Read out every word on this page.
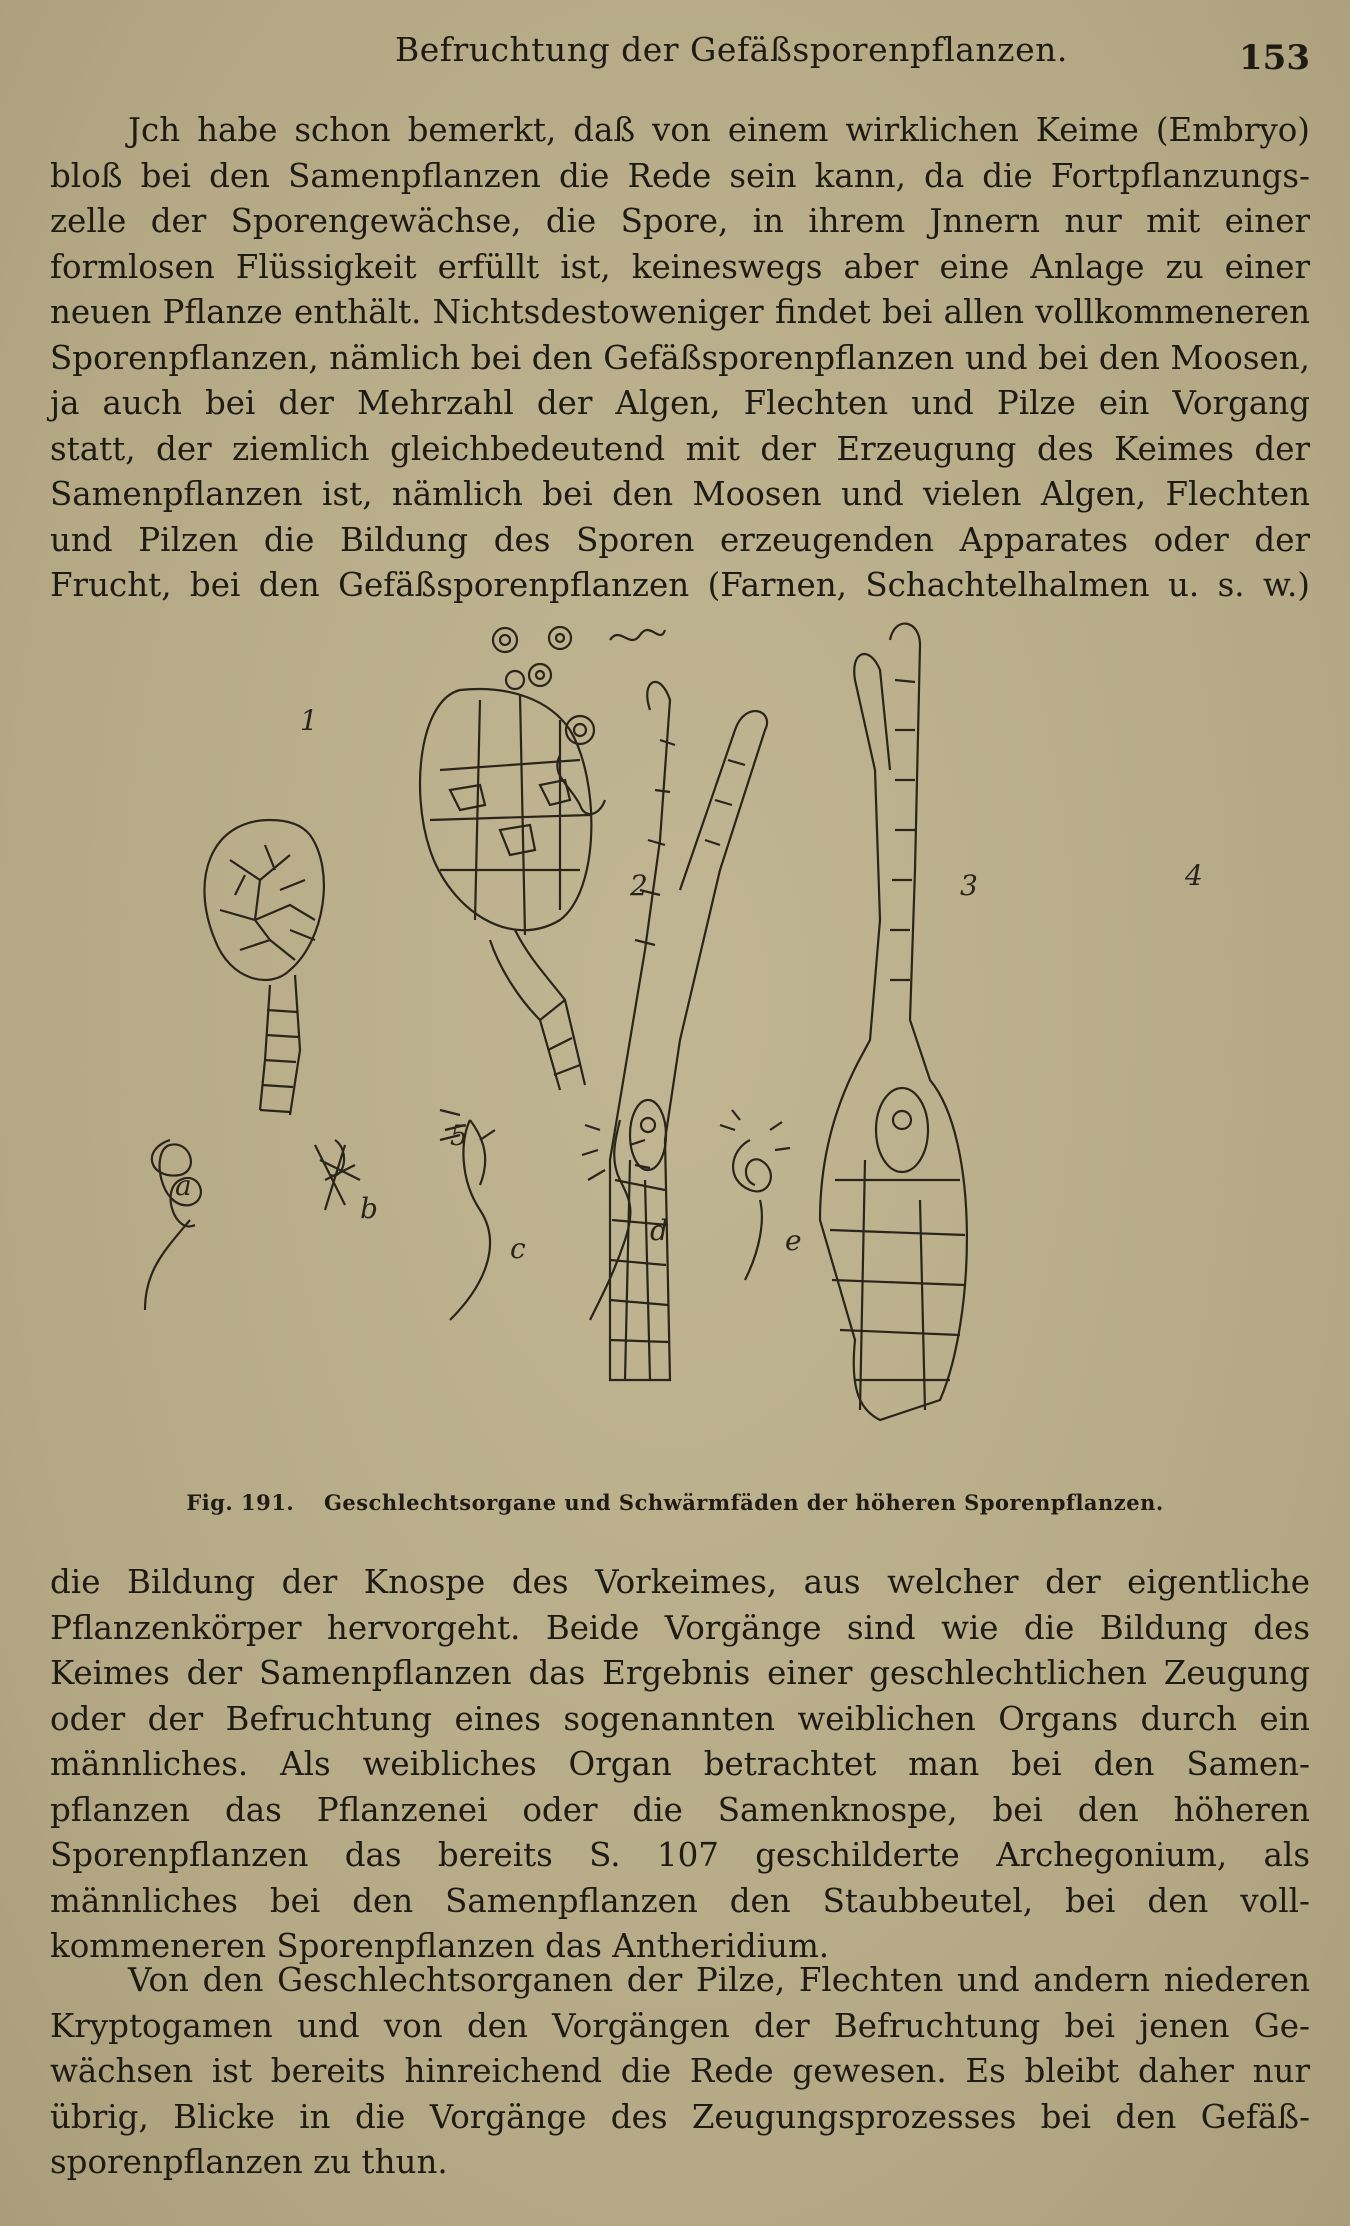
Befruchtung der Gefäßsporenpflanzen.	153
Jch habe schon bemerkt, daß von einem wirklichen Keime (Embryo)
bloß bei den Samenpflanzen die Rede sein kann, da die Fortpflanzungs-
zelle der Sporengewächse, die Spore, in ihrem Jnnern nur mit einer
formlosen Flüssigkeit erfüllt ist, keineswegs aber eine Anlage zu einer
neuen Pflanze enthält. Nichtsdestoweniger findet bei allen vollkommeneren
Sporenpflanzen, nämlich bei den Gefäßsporenpflanzen und bei den Moosen,
ja auch bei der Mehrzahl der Algen, Flechten und Pilze ein Vorgang
statt, der ziemlich gleichbedeutend mit der Erzeugung des Keimes der
Samenpflanzen ist, nämlich bei den Moosen und vielen Algen, Flechten
und Pilzen die Bildung des Sporen erzeugenden Apparates oder der
Frucht, bei den Gefäßsporenpflanzen (Farnen, Schachtelhalmen u. s. w.)
1
2	3	4
5
a
b
c
d	e
Fig. 191. Geschlechtsorgane und Schwärmfäden der höheren Sporenpflanzen.
die Bildung der Knospe des Vorkeimes, aus welcher der eigentliche
Pflanzenkörper hervorgeht. Beide Vorgänge sind wie die Bildung des
Keimes der Samenpflanzen das Ergebnis einer geschlechtlichen Zeugung
oder der Befruchtung eines sogenannten weiblichen Organs durch ein
männliches. Als weibliches Organ betrachtet man bei den Samen-
pflanzen das Pflanzenei oder die Samenknospe, bei den höheren
Sporenpflanzen das bereits S. 107 geschilderte Archegonium, als
männliches bei den Samenpflanzen den Staubbeutel, bei den voll-
kommeneren Sporenpflanzen das Antheridium.
Von den Geschlechtsorganen der Pilze, Flechten und andern niederen
Kryptogamen und von den Vorgängen der Befruchtung bei jenen Ge-
wächsen ist bereits hinreichend die Rede gewesen. Es bleibt daher nur
übrig, Blicke in die Vorgänge des Zeugungsprozesses bei den Gefäß-
sporenpflanzen zu thun.
